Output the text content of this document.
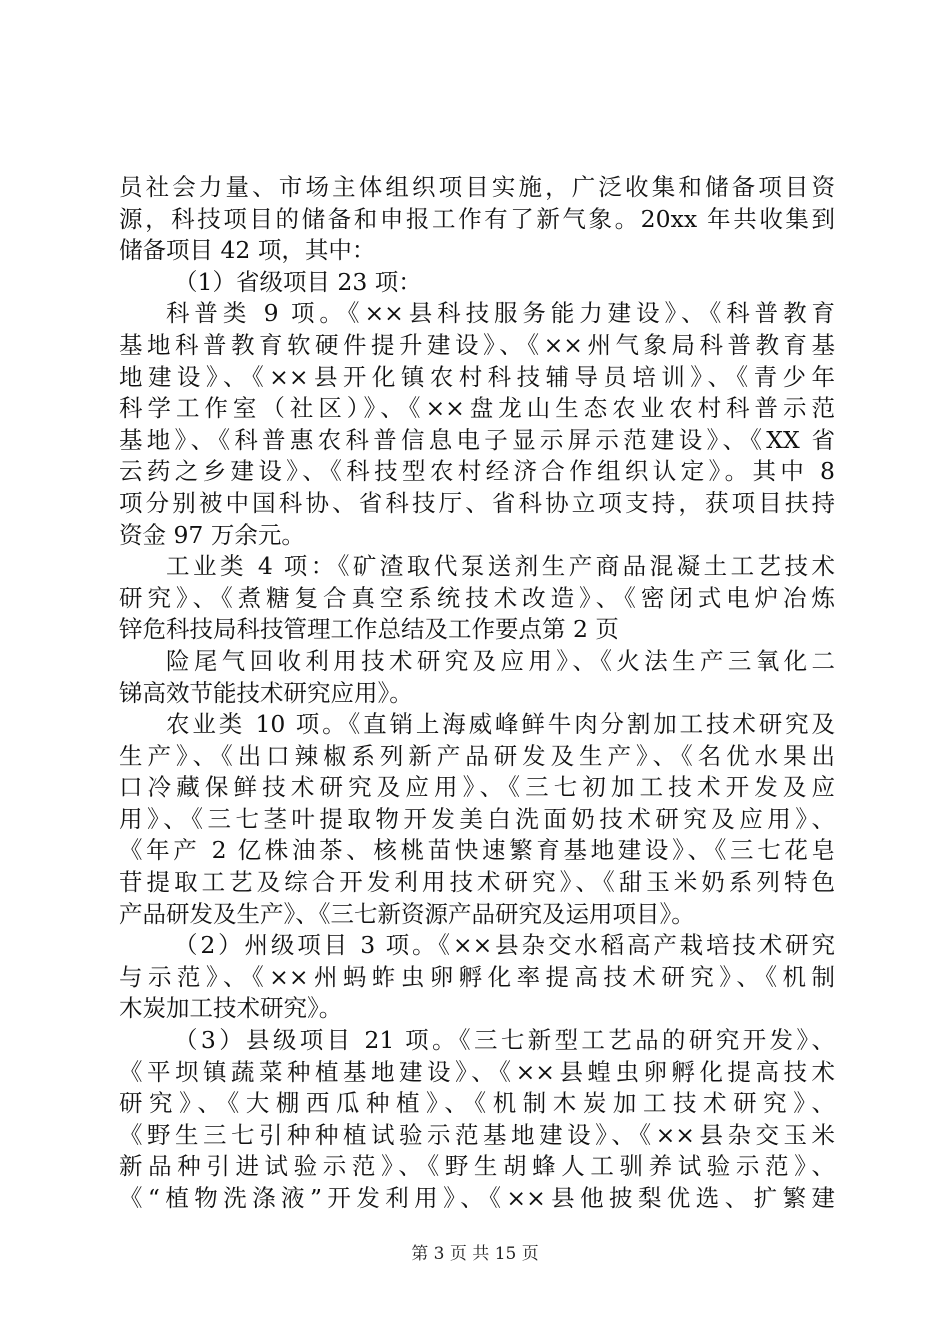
员社会力量、市场主体组织项目实施，广泛收集和储备项目资
源，科技项目的储备和申报工作有了新气象。20xx 年共收集到
储备项目 42 项，其中：
（1）省级项目 23 项：
科普类 9 项。《××县科技服务能力建设》、《科普教育
基地科普教育软硬件提升建设》、《××州气象局科普教育基
地建设》、《××县开化镇农村科技辅导员培训》、《青少年
科学工作室（社区）》、《××盘龙山生态农业农村科普示范
基地》、《科普惠农科普信息电子显示屏示范建设》、《XX 省
云药之乡建设》、《科技型农村经济合作组织认定》。其中 8
项分别被中国科协、省科技厅、省科协立项支持，获项目扶持
资金 97 万余元。
工业类 4 项：《矿渣取代泵送剂生产商品混凝土工艺技术
研究》、《煮糖复合真空系统技术改造》、《密闭式电炉冶炼
锌危科技局科技管理工作总结及工作要点第 2 页
险尾气回收利用技术研究及应用》、《火法生产三氧化二
锑高效节能技术研究应用》。
农业类 10 项。《直销上海威峰鲜牛肉分割加工技术研究及
生产》、《出口辣椒系列新产品研发及生产》、《名优水果出
口冷藏保鲜技术研究及应用》、《三七初加工技术开发及应
用》、《三七茎叶提取物开发美白洗面奶技术研究及应用》、
《年产 2 亿株油茶、核桃苗快速繁育基地建设》、《三七花皂
苷提取工艺及综合开发利用技术研究》、《甜玉米奶系列特色
产品研发及生产》、《三七新资源产品研究及运用项目》。
（2）州级项目 3 项。《××县杂交水稻高产栽培技术研究
与示范》、《××州蚂蚱虫卵孵化率提高技术研究》、《机制
木炭加工技术研究》。
（3）县级项目 21 项。《三七新型工艺品的研究开发》、
《平坝镇蔬菜种植基地建设》、《××县蝗虫卵孵化提高技术
研究》、《大棚西瓜种植》、《机制木炭加工技术研究》、
《野生三七引种种植试验示范基地建设》、《××县杂交玉米
新品种引进试验示范》、《野生胡蜂人工驯养试验示范》、
《“植物洗涤液”开发利用》、《××县他披梨优选、扩繁建
第 3 页 共 15 页
